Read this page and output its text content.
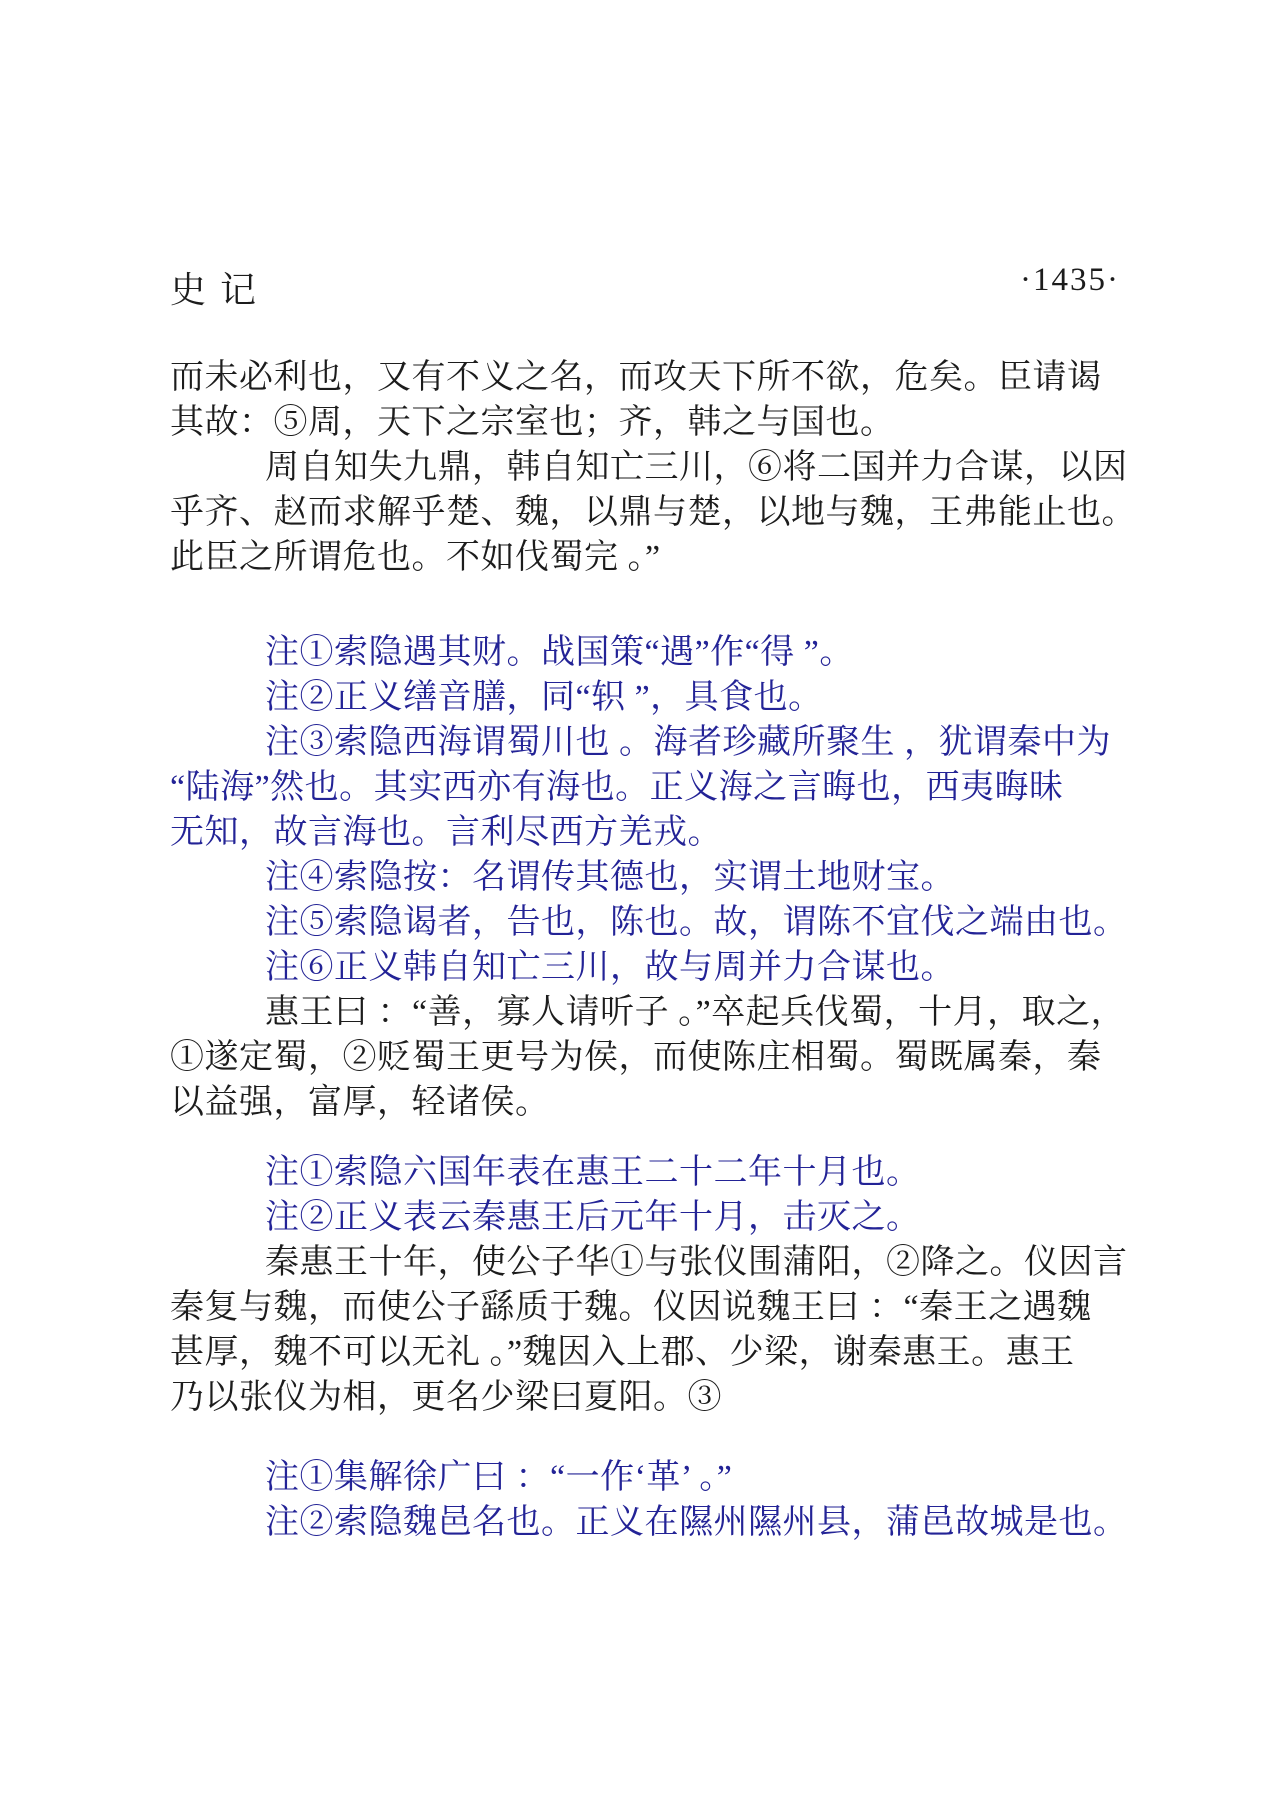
史记	·1435·
而未必利也，又有不义之名，而攻天下所不欲，危矣。臣请谒
其故：⑤周，天下之宗室也；齐，韩之与国也。
周自知失九鼎，韩自知亡三川，⑥将二国并力合谋，以因
乎齐、赵而求解乎楚、魏，以鼎与楚，以地与魏，王弗能止也。
此臣之所谓危也。不如伐蜀完 。”
注①索隐遇其财。战国策“遇”作“得 ”。
注②正义缮音膳，同“轵 ”，具食也。
注③索隐西海谓蜀川也 。海者珍藏所聚生 ，犹谓秦中为
“陆海”然也。其实西亦有海也。正义海之言晦也，西夷晦昧
无知，故言海也。言利尽西方羌戎。
注④索隐按：名谓传其德也，实谓土地财宝。
注⑤索隐谒者，告也，陈也。故，谓陈不宜伐之端由也。
注⑥正义韩自知亡三川，故与周并力合谋也。
惠王曰 ：“善，寡人请听子 。”卒起兵伐蜀，十月，取之，
①遂定蜀，②贬蜀王更号为侯，而使陈庄相蜀。蜀既属秦，秦
以益强，富厚，轻诸侯。
注①索隐六国年表在惠王二十二年十月也。
注②正义表云秦惠王后元年十月，击灭之。
秦惠王十年，使公子华①与张仪围蒲阳，②降之。仪因言
秦复与魏，而使公子繇质于魏。仪因说魏王曰 ：“秦王之遇魏
甚厚，魏不可以无礼 。”魏因入上郡、少梁，谢秦惠王。惠王
乃以张仪为相，更名少梁曰夏阳。③
注①集解徐广曰 ：“一作‘革’ 。”
注②索隐魏邑名也。正义在隰州隰州县，蒲邑故城是也。
